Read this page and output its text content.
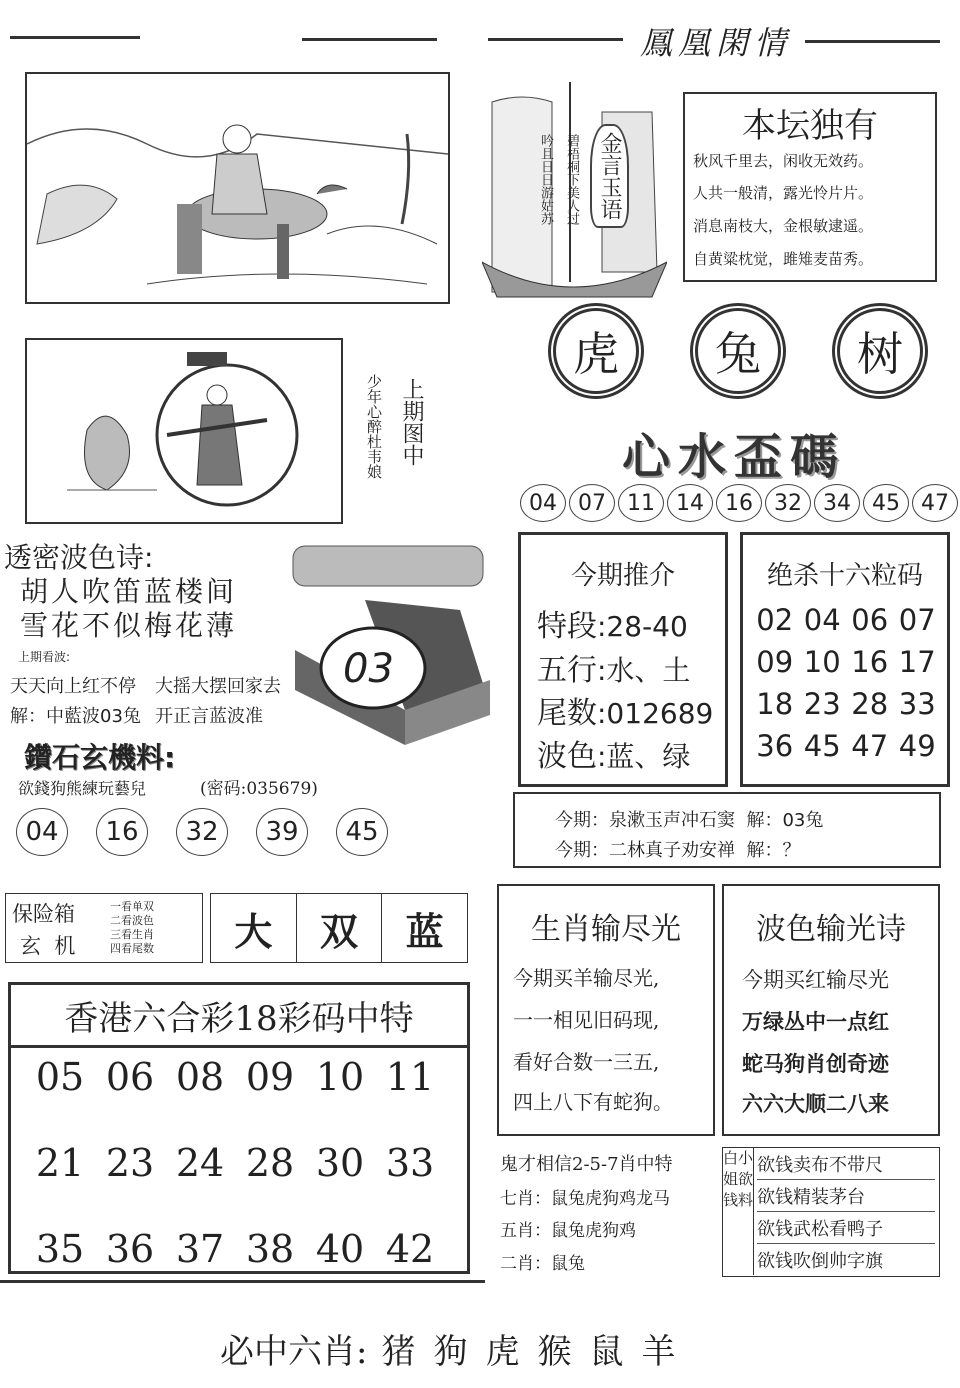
鳳凰閑情
金言玉语
碧梧桐下美人过
吟且日日游姑苏
本坛独有
秋风千里去，闲收无效药。
人共一般清，露光怜片片。
消息南枝大，金根敏逮遥。
自黄粱枕觉，雎雉麦苗秀。
虎	兔	树
心水盃碼
04 07 11 14 16 32 34 45 47
上期图中
少年心醉杜韦娘
透密波色诗:
胡人吹笛蓝楼间
雪花不似梅花薄
上期看波:
天天向上红不停 大摇大摆回家去
解：中藍波03兔 开正言蓝波准
03
鑽石玄機料:
欲錢狗熊練玩藝兒	(密码:035679)
04	16	32	39	45
今期推介
特段:28-40
五行:水、土
尾数:012689
波色:蓝、绿
绝杀十六粒码
02 04 06 07
09 10 16 17
18 23 28 33
36 45 47 49
今期：泉漱玉声冲石窦  解：03兔
今期：二林真子劝安禅  解：？
保险箱
玄  机
一看单双
二看波色
三看生肖
四看尾数	大	双	蓝
香港六合彩18彩码中特
05 06 08 09 10 11
21 23 24 28 30 33
35 36 37 38 40 42
生肖输尽光
今期买羊输尽光,
一一相见旧码现,
看好合数一三五,
四上八下有蛇狗。
波色输光诗
今期买红输尽光
万绿丛中一点红
蛇马狗肖创奇迹
六六大顺二八来
鬼才相信2-5-7肖中特
七肖：鼠兔虎狗鸡龙马
五肖：鼠兔虎狗鸡
二肖：鼠兔
白小姐欲钱料
欲钱卖布不带尺
欲钱精装茅台
欲钱武松看鸭子
欲钱吹倒帅字旗
必中六肖: 猪 狗 虎 猴 鼠 羊
